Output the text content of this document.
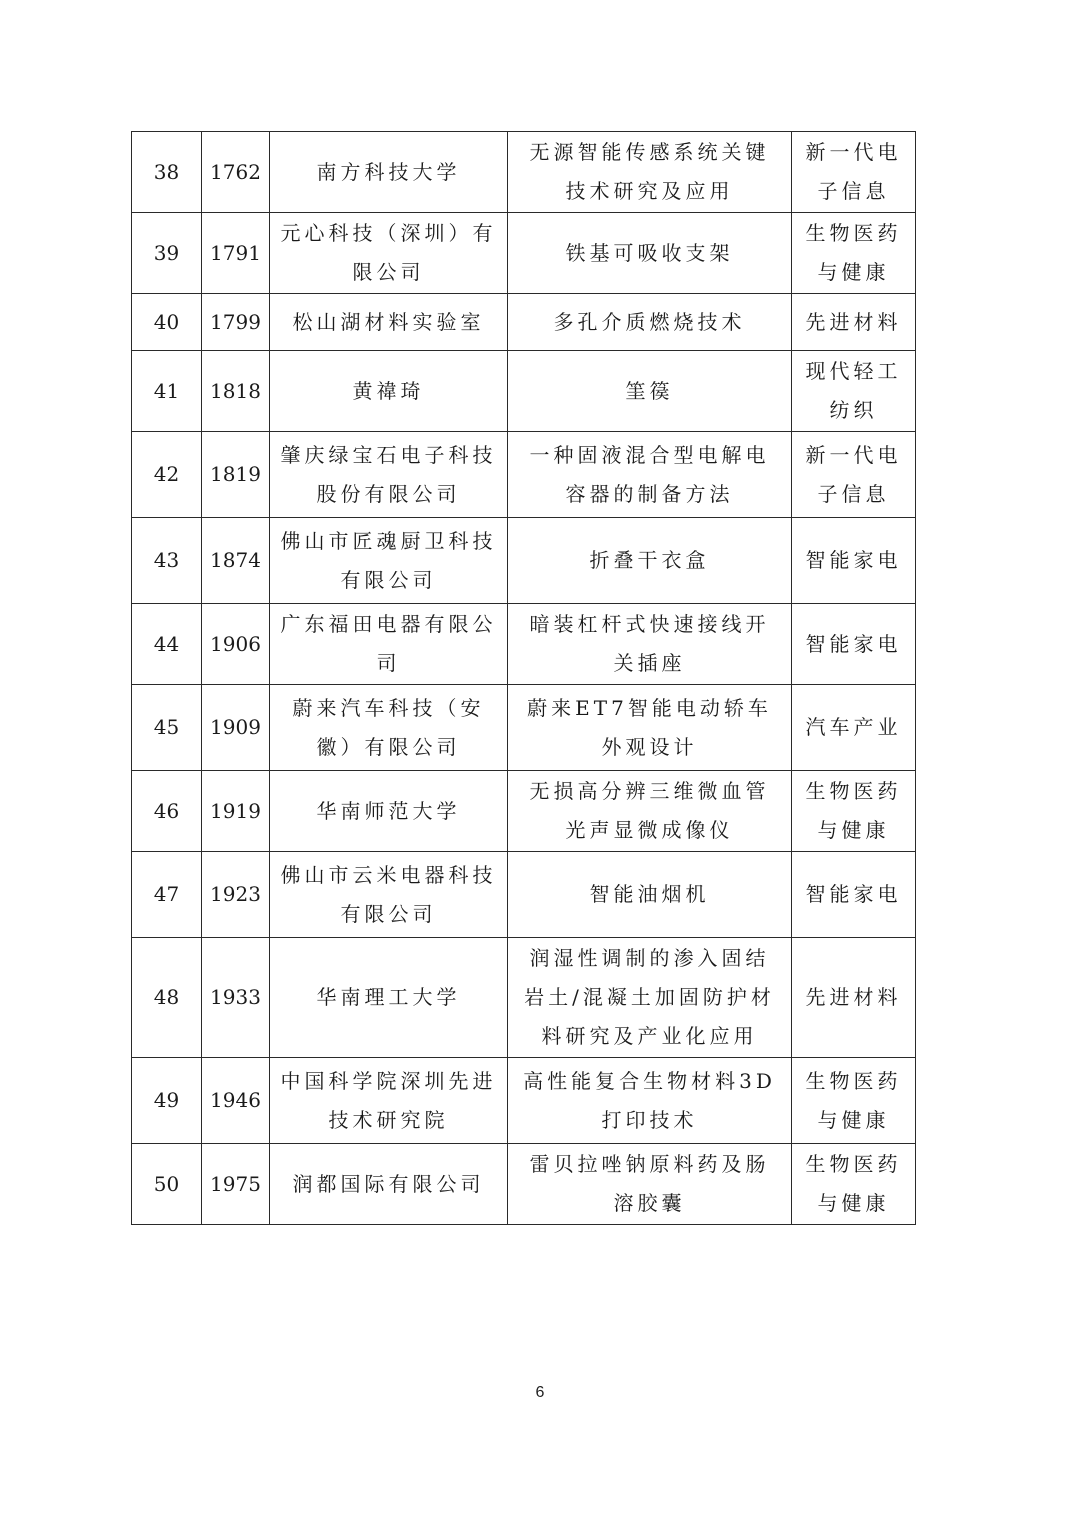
38	1762	南方科技大学	无源智能传感系统关键技术研究及应用	新一代电子信息
39	1791	元心科技（深圳）有限公司	铁基可吸收支架	生物医药与健康
40	1799	松山湖材料实验室	多孔介质燃烧技术	先进材料
41	1818	黄禕琦	筀篌	现代轻工纺织
42	1819	肇庆绿宝石电子科技股份有限公司	一种固液混合型电解电容器的制备方法	新一代电子信息
43	1874	佛山市匠魂厨卫科技有限公司	折叠干衣盒	智能家电
44	1906	广东福田电器有限公司	暗装杠杆式快速接线开关插座	智能家电
45	1909	蔚来汽车科技（安徽）有限公司	蔚来ET7智能电动轿车外观设计	汽车产业
46	1919	华南师范大学	无损高分辨三维微血管光声显微成像仪	生物医药与健康
47	1923	佛山市云米电器科技有限公司	智能油烟机	智能家电
48	1933	华南理工大学	润湿性调制的渗入固结岩土/混凝土加固防护材料研究及产业化应用	先进材料
49	1946	中国科学院深圳先进技术研究院	高性能复合生物材料3D打印技术	生物医药与健康
50	1975	润都国际有限公司	雷贝拉唑钠原料药及肠溶胶囊	生物医药与健康
6
